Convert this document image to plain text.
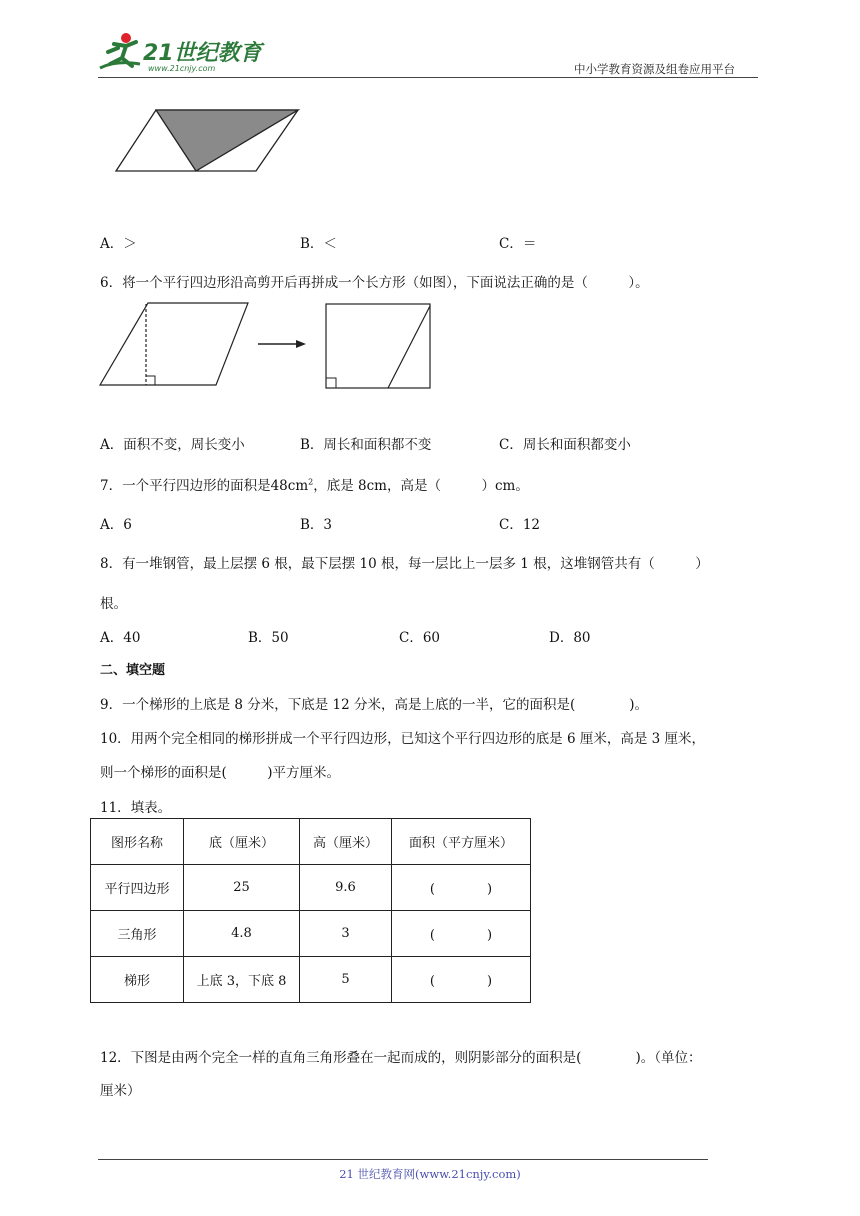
21世纪教育
www.21cnjy.com	中小学教育资源及组卷应用平台
A．＞	B．＜	C．＝
6．将一个平行四边形沿高剪开后再拼成一个长方形（如图），下面说法正确的是（　　　）。
A．面积不变，周长变小	B．周长和面积都不变	C．周长和面积都变小
7．一个平行四边形的面积是$48cm^2$，底是 8cm，高是（　　　）cm。
A．6	B．3	C．12
8．有一堆钢管，最上层摆 6 根，最下层摆 10 根，每一层比上一层多 1 根，这堆钢管共有（　　　）
根。
A．40	B．50	C．60	D．80
二、填空题
9．一个梯形的上底是 8 分米，下底是 12 分米，高是上底的一半，它的面积是(　　　　)。
10．用两个完全相同的梯形拼成一个平行四边形，已知这个平行四边形的底是 6 厘米，高是 3 厘米，
则一个梯形的面积是(　　　)平方厘米。
11．填表。
图形名称	底（厘米）	高（厘米）	面积（平方厘米）
平行四边形	25	9.6	(　　　　)
三角形	4.8	3	(　　　　)
梯形	上底 3，下底 8	5	(　　　　)
12．下图是由两个完全一样的直角三角形叠在一起而成的，则阴影部分的面积是(　　　　)。（单位：
厘米）
21 世纪教育网(www.21cnjy.com)
